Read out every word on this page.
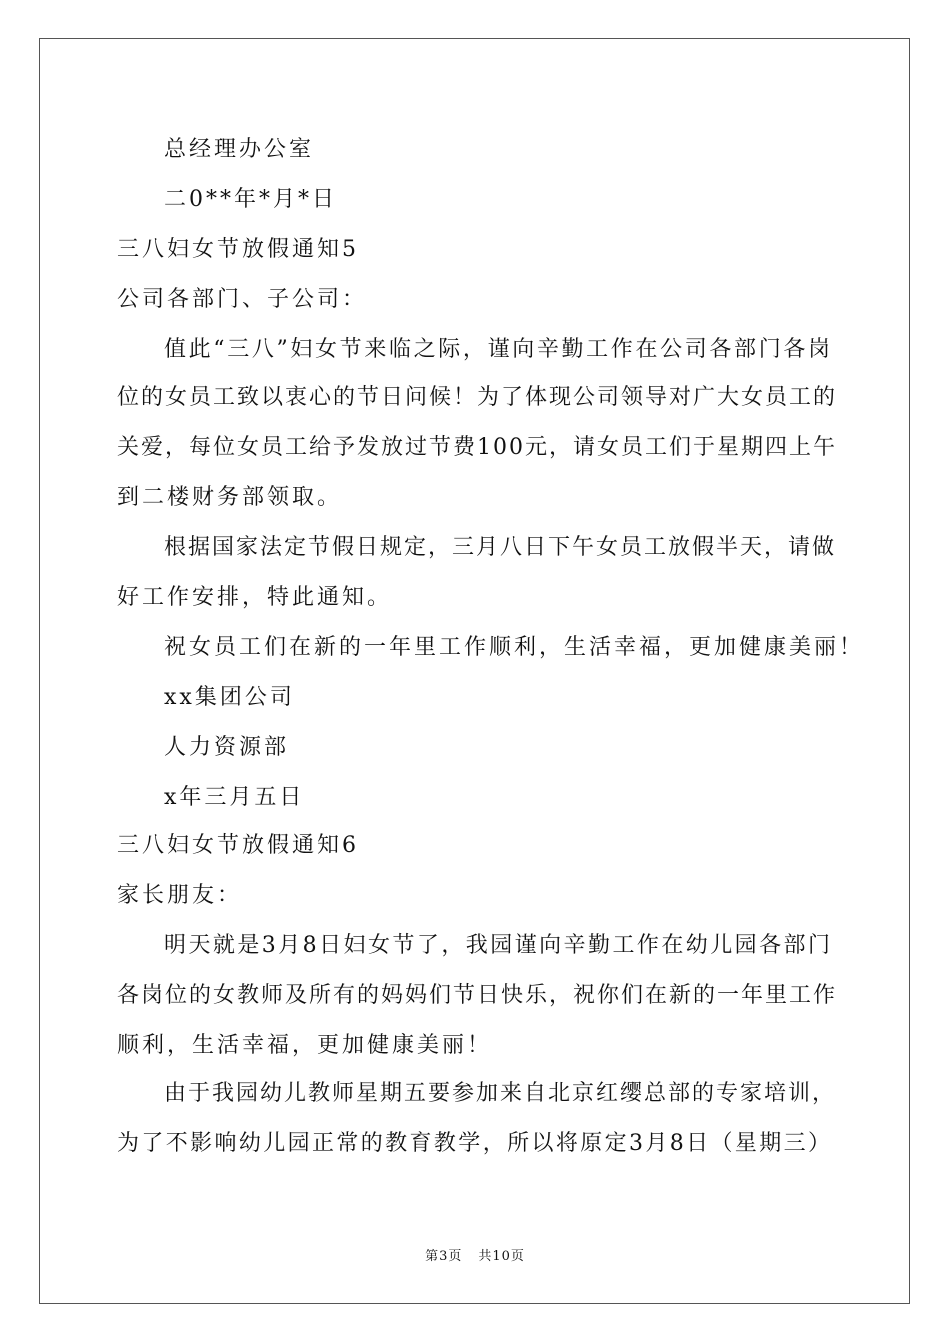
总经理办公室
二0**年*月*日
三八妇女节放假通知5
公司各部门、子公司：
值此“三八”妇女节来临之际，谨向辛勤工作在公司各部门各岗
位的女员工致以衷心的节日问候！为了体现公司领导对广大女员工的
关爱，每位女员工给予发放过节费100元，请女员工们于星期四上午
到二楼财务部领取。
根据国家法定节假日规定，三月八日下午女员工放假半天，请做
好工作安排，特此通知。
祝女员工们在新的一年里工作顺利，生活幸福，更加健康美丽！
xx集团公司
人力资源部
x年三月五日
三八妇女节放假通知6
家长朋友：
明天就是3月8日妇女节了，我园谨向辛勤工作在幼儿园各部门
各岗位的女教师及所有的妈妈们节日快乐，祝你们在新的一年里工作
顺利，生活幸福，更加健康美丽！
由于我园幼儿教师星期五要参加来自北京红缨总部的专家培训，
为了不影响幼儿园正常的教育教学，所以将原定3月8日（星期三）
第3页 共10页
